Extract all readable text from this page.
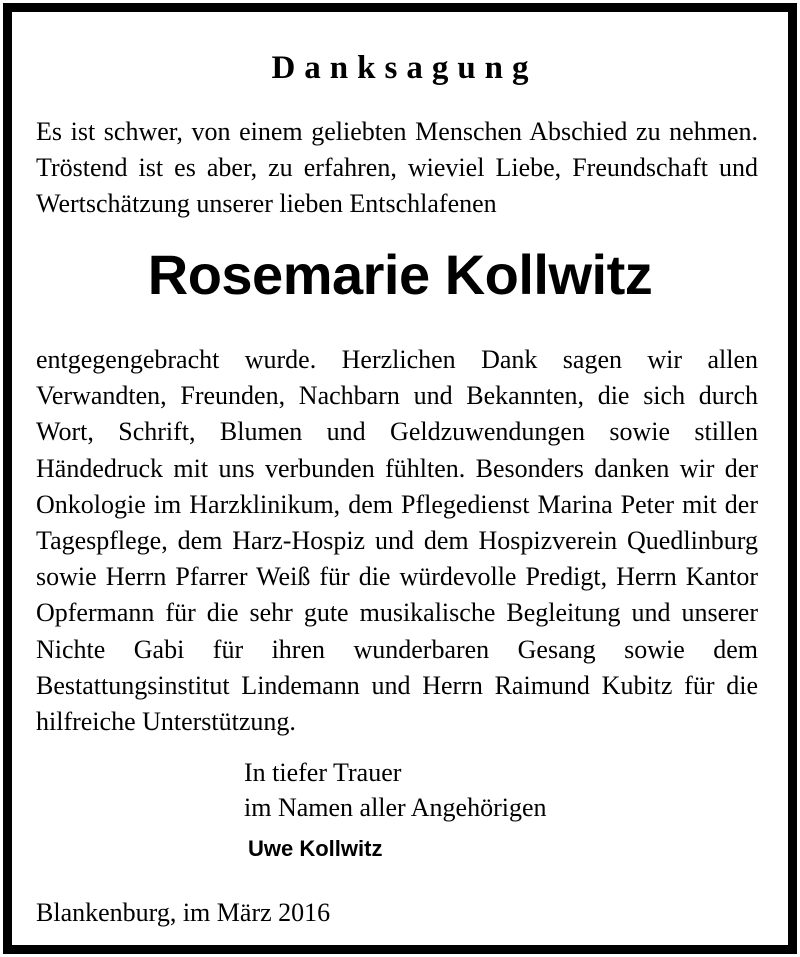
Danksagung

Es ist schwer, von einem geliebten Menschen Abschied zu nehmen. Tröstend ist es aber, zu erfahren, wieviel Liebe, Freundschaft und Wertschätzung unserer lieben Entschlafenen

Rosemarie Kollwitz

entgegengebracht wurde. Herzlichen Dank sagen wir allen Verwandten, Freunden, Nachbarn und Bekannten, die sich durch Wort, Schrift, Blumen und Geldzuwendungen sowie stillen Händedruck mit uns verbunden fühlten. Besonders danken wir der Onkologie im Harzklinikum, dem Pflegedienst Marina Peter mit der Tagespflege, dem Harz-Hospiz und dem Hospizverein Quedlinburg sowie Herrn Pfarrer Weiß für die würdevolle Predigt, Herrn Kantor Opfermann für die sehr gute musikalische Begleitung und unserer Nichte Gabi für ihren wunderbaren Gesang sowie dem Bestattungsinstitut Lindemann und Herrn Raimund Kubitz für die hilfreiche Unterstützung.

In tiefer Trauer
im Namen aller Angehörigen
Uwe Kollwitz
Blankenburg, im März 2016
